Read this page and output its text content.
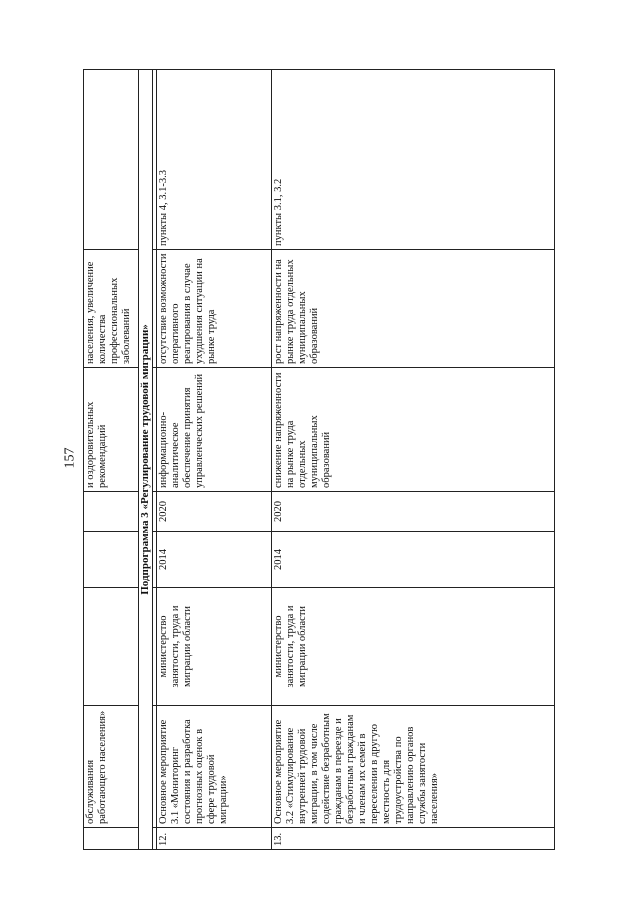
157
	обслуживания работающего населения»				и оздоровительных рекомендаций	населения, увеличение количества профессиональных заболеваний	
Подпрограмма 3 «Регулирование трудовой миграции»							

12.	Основное мероприятие 3.1 «Мониторинг состояния и разработка прогнозных оценок в сфере трудовой миграции»	министерство занятости, труда и миграции области	2014	2020	информационно-аналитическое обеспечение принятия управленческих решений	отсутствие возможности оперативного реагирования в случае ухудшения ситуации на рынке труда	пункты 4, 3.1-3.3
13.	Основное мероприятие 3.2 «Стимулирование внутренней трудовой миграции, в том числе содействие безработным гражданам в переезде и безработным гражданам и членам их семей в переселении в другую местность для трудоустройства по направлению органов службы занятости населения»	министерство занятости, труда и миграции области	2014	2020	снижение напряженности на рынке труда отдельных муниципальных образований	рост напряженности на рынке труда отдельных муниципальных образований	пункты 3.1, 3.2
